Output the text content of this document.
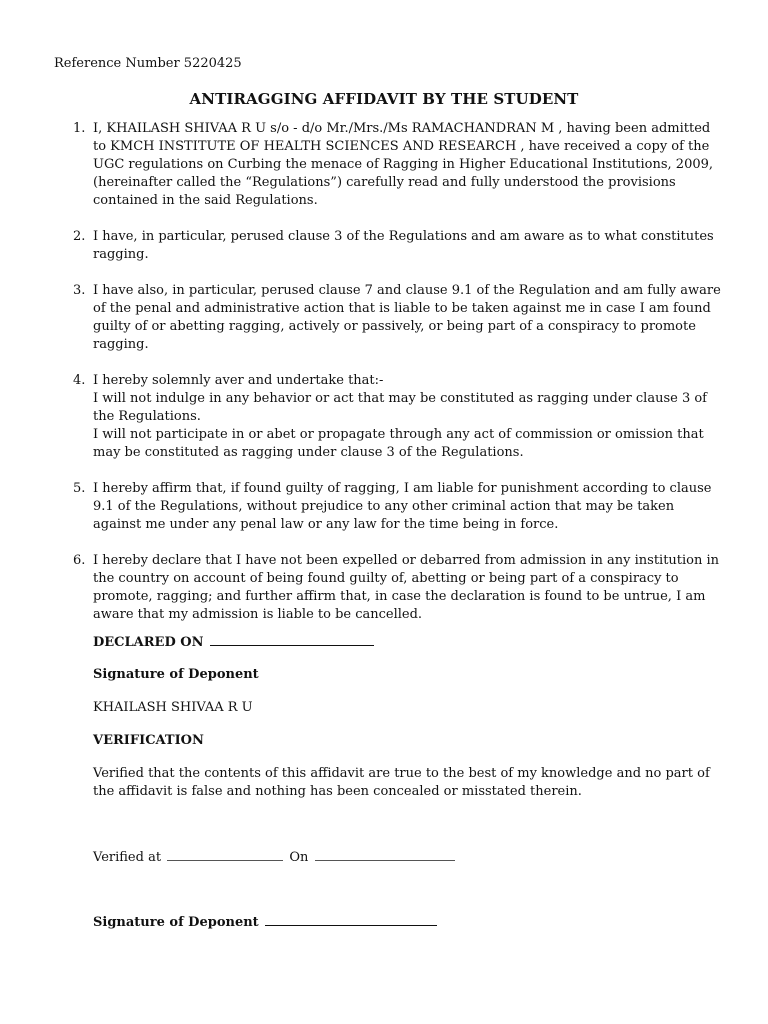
Reference Number 5220425
ANTIRAGGING AFFIDAVIT BY THE STUDENT
1. I, KHAILASH SHIVAA R U s/o - d/o Mr./Mrs./Ms RAMACHANDRAN M , having been admitted
to KMCH INSTITUTE OF HEALTH SCIENCES AND RESEARCH , have received a copy of the
UGC regulations on Curbing the menace of Ragging in Higher Educational Institutions, 2009,
(hereinafter called the “Regulations”) carefully read and fully understood the provisions
contained in the said Regulations.
2. I have, in particular, perused clause 3 of the Regulations and am aware as to what constitutes
ragging.
3. I have also, in particular, perused clause 7 and clause 9.1 of the Regulation and am fully aware
of the penal and administrative action that is liable to be taken against me in case I am found
guilty of or abetting ragging, actively or passively, or being part of a conspiracy to promote
ragging.
4. I hereby solemnly aver and undertake that:-
I will not indulge in any behavior or act that may be constituted as ragging under clause 3 of
the Regulations.
I will not participate in or abet or propagate through any act of commission or omission that
may be constituted as ragging under clause 3 of the Regulations.
5. I hereby affirm that, if found guilty of ragging, I am liable for punishment according to clause
9.1 of the Regulations, without prejudice to any other criminal action that may be taken
against me under any penal law or any law for the time being in force.
6. I hereby declare that I have not been expelled or debarred from admission in any institution in
the country on account of being found guilty of, abetting or being part of a conspiracy to
promote, ragging; and further affirm that, in case the declaration is found to be untrue, I am
aware that my admission is liable to be cancelled.
DECLARED ON
Signature of Deponent
KHAILASH SHIVAA R U
VERIFICATION
Verified that the contents of this affidavit are true to the best of my knowledge and no part of
the affidavit is false and nothing has been concealed or misstated therein.
Verified at	On
Signature of Deponent
